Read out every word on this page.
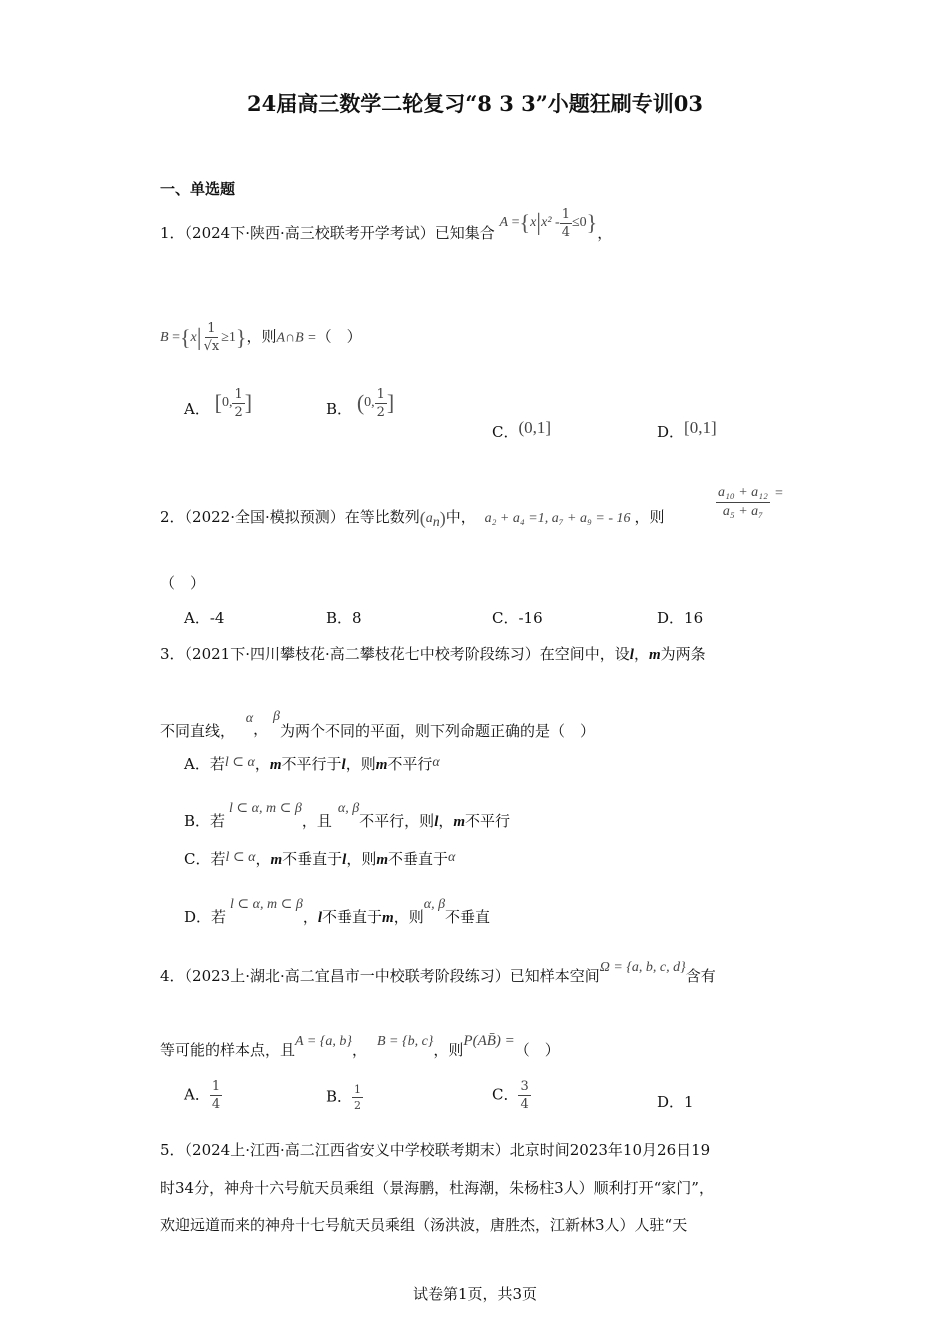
24届高三数学二轮复习“8 3 3”小题狂刷专训03
一、单选题
1．（2024下·陕西·高三校联考开学考试）已知集合
A = { x | $x^2 - \frac{1}{4} \le 0$ } ，
B = { x | $\frac{1}{√x} \ge 1$ } ，则A∩B =（　）
A． [ 0, $\frac{1}{2}$ ]	B． ( 0, $\frac{1}{2}$ ]
C．(0,1]	D．[0,1]
2．（2022·全国·模拟预测）在等比数列$(a_n)$中， a₂ + a₄ =1, a₇ + a₉ = - 16 ，则	$\frac{\text{a₁₀ + a₁₂}}{\text{a₅ + a₇}}$ =
（　）
A．-4	B．8	C．-16	D．16
3．（2021下·四川攀枝花·高二攀枝花七中校考阶段练习）在空间中，设l，m为两条
不同直线， α， β为两个不同的平面，则下列命题正确的是（　）
A．若l ⊂ α，m不平行于l，则m不平行α
B．若l ⊂ α, m ⊂ β，且α, β不平行，则l，m不平行
C．若l ⊂ α，m不垂直于l，则m不垂直于α
D．若l ⊂ α, m ⊂ β，l不垂直于m，则α, β不垂直
4．（2023上·湖北·高二宜昌市一中校联考阶段练习）已知样本空间Ω = {a, b, c, d}含有
等可能的样本点，且A = {a, b}， B = {b, c}，则P(AB̄) =（　）
A． $\frac{1}{4}$	B． $\frac{1}{2}$	C． $\frac{3}{4}$	D．1
5．（2024上·江西·高二江西省安义中学校联考期末）北京时间2023年10月26日19
时34分，神舟十六号航天员乘组（景海鹏，杜海潮，朱杨柱3人）顺利打开“家门”，
欢迎远道而来的神舟十七号航天员乘组（汤洪波，唐胜杰，江新林3人）人驻“天
试卷第1页，共3页
